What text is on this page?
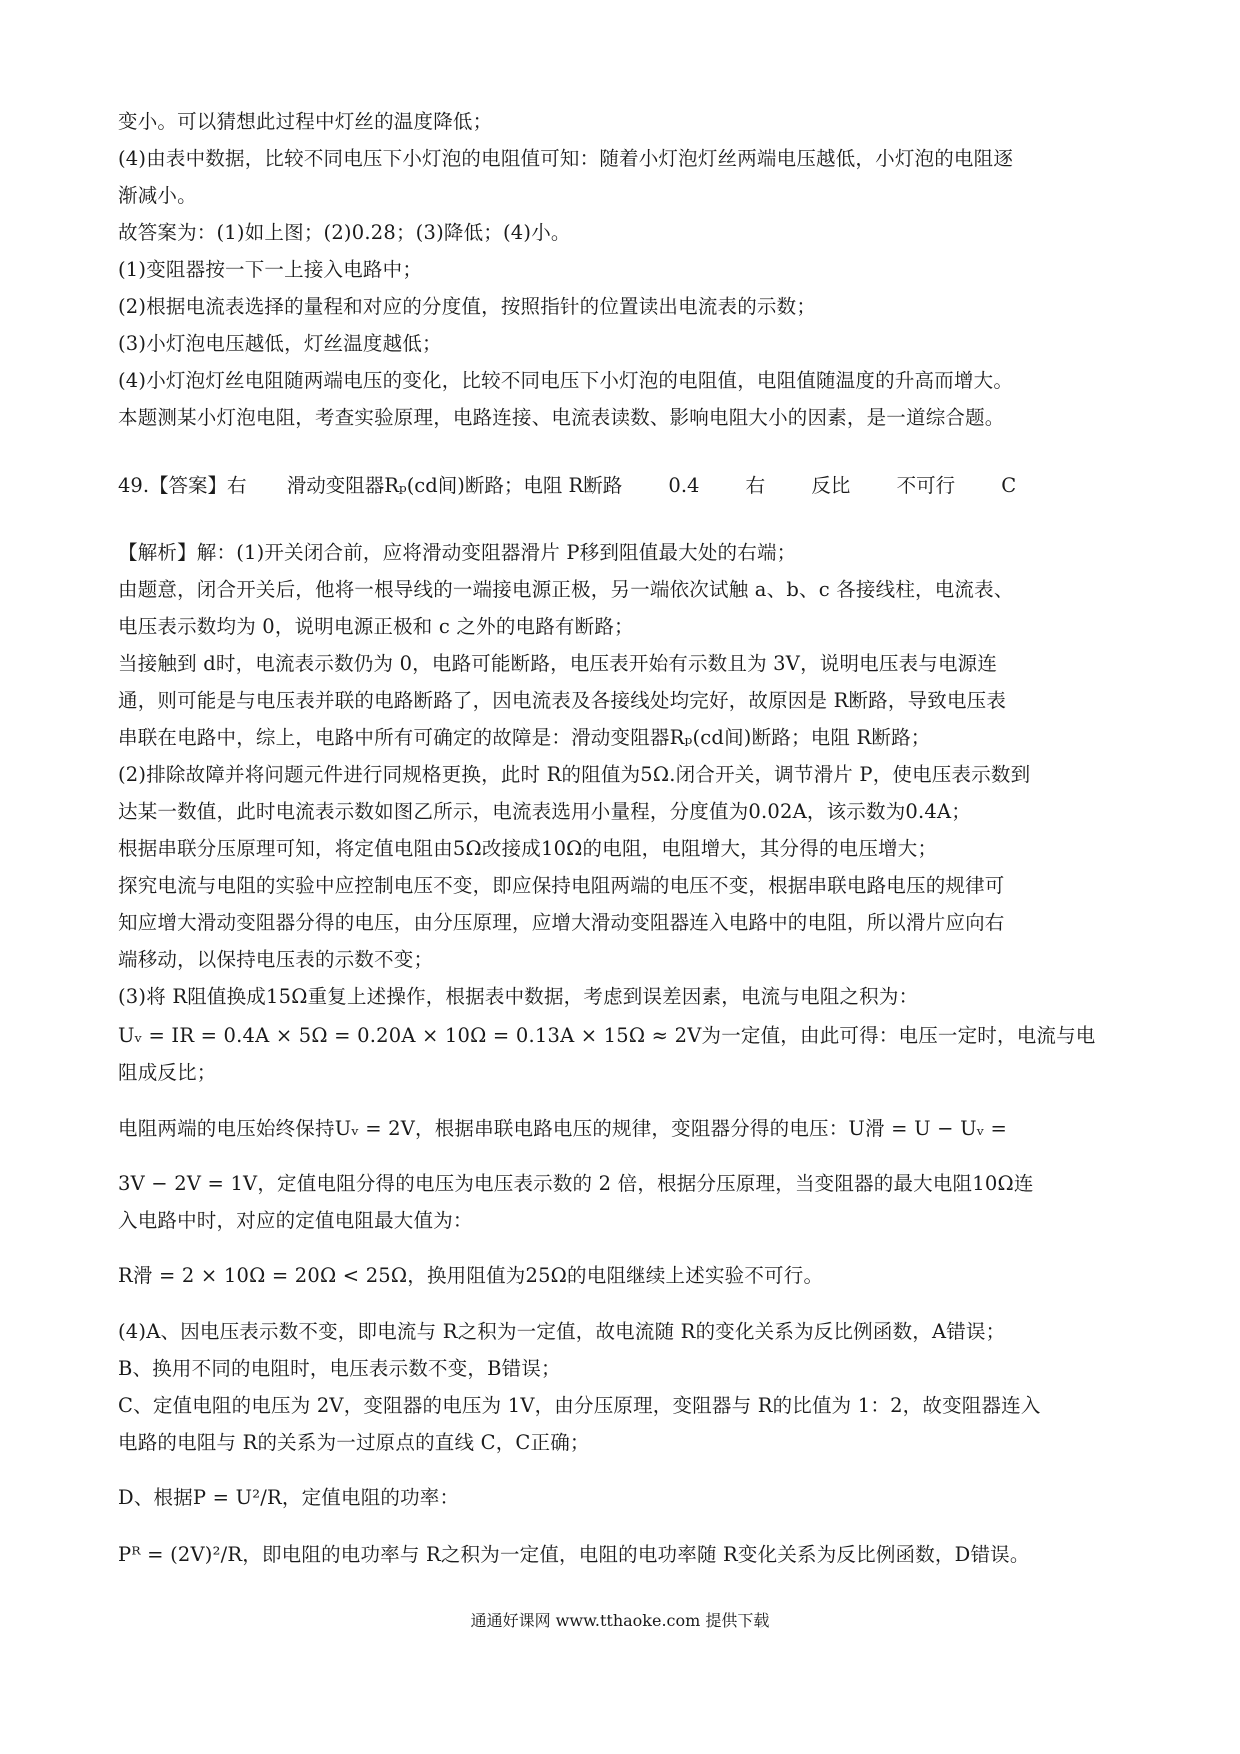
变小。可以猜想此过程中灯丝的温度降低；
(4)由表中数据，比较不同电压下小灯泡的电阻值可知：随着小灯泡灯丝两端电压越低，小灯泡的电阻逐
渐减小。
故答案为：(1)如上图；(2)0.28；(3)降低；(4)小。
(1)变阻器按一下一上接入电路中；
(2)根据电流表选择的量程和对应的分度值，按照指针的位置读出电流表的示数；
(3)小灯泡电压越低，灯丝温度越低；
(4)小灯泡灯丝电阻随两端电压的变化，比较不同电压下小灯泡的电阻值，电阻值随温度的升高而增大。
本题测某小灯泡电阻，考查实验原理，电路连接、电流表读数、影响电阻大小的因素，是一道综合题。
49.【答案】右 滑动变阻器Rₚ(cd间)断路；电阻 R断路 0.4 右 反比 不可行 C
【解析】解：(1)开关闭合前，应将滑动变阻器滑片 P移到阻值最大处的右端；
由题意，闭合开关后，他将一根导线的一端接电源正极，另一端依次试触 a、b、c 各接线柱，电流表、
电压表示数均为 0，说明电源正极和 c 之外的电路有断路；
当接触到 d时，电流表示数仍为 0，电路可能断路，电压表开始有示数且为 3V，说明电压表与电源连
通，则可能是与电压表并联的电路断路了，因电流表及各接线处均完好，故原因是 R断路，导致电压表
串联在电路中，综上，电路中所有可确定的故障是：滑动变阻器Rₚ(cd间)断路；电阻 R断路；
(2)排除故障并将问题元件进行同规格更换，此时 R的阻值为5Ω.闭合开关，调节滑片 P，使电压表示数到
达某一数值，此时电流表示数如图乙所示，电流表选用小量程，分度值为0.02A，该示数为0.4A；
根据串联分压原理可知，将定值电阻由5Ω改接成10Ω的电阻，电阻增大，其分得的电压增大；
探究电流与电阻的实验中应控制电压不变，即应保持电阻两端的电压不变，根据串联电路电压的规律可
知应增大滑动变阻器分得的电压，由分压原理，应增大滑动变阻器连入电路中的电阻，所以滑片应向右
端移动，以保持电压表的示数不变；
(3)将 R阻值换成15Ω重复上述操作，根据表中数据，考虑到误差因素，电流与电阻之积为：
Uᵥ = IR = 0.4A × 5Ω = 0.20A × 10Ω = 0.13A × 15Ω ≈ 2V为一定值，由此可得：电压一定时，电流与电
阻成反比；
电阻两端的电压始终保持Uᵥ = 2V，根据串联电路电压的规律，变阻器分得的电压：U滑 = U − Uᵥ =
3V − 2V = 1V，定值电阻分得的电压为电压表示数的 2 倍，根据分压原理，当变阻器的最大电阻10Ω连
入电路中时，对应的定值电阻最大值为：
R滑 = 2 × 10Ω = 20Ω < 25Ω，换用阻值为25Ω的电阻继续上述实验不可行。
(4)A、因电压表示数不变，即电流与 R之积为一定值，故电流随 R的变化关系为反比例函数，A错误；
B、换用不同的电阻时，电压表示数不变，B错误；
C、定值电阻的电压为 2V，变阻器的电压为 1V，由分压原理，变阻器与 R的比值为 1：2，故变阻器连入
电路的电阻与 R的关系为一过原点的直线 C，C正确；
D、根据P = U²/R，定值电阻的功率：
Pᴿ = (2V)²/R，即电阻的电功率与 R之积为一定值，电阻的电功率随 R变化关系为反比例函数，D错误。
通通好课网 www.tthaoke.com 提供下载
